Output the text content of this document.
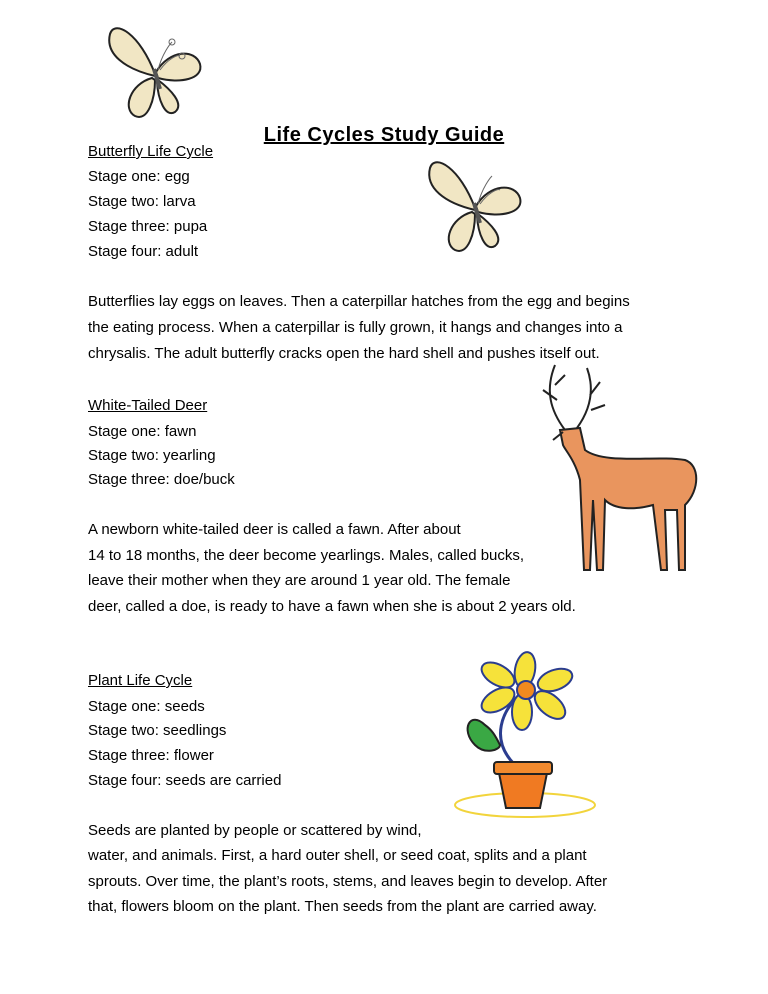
Life Cycles Study Guide
Butterfly Life Cycle
Stage one: egg
Stage two: larva
Stage three: pupa
Stage four: adult
Butterflies lay eggs on leaves. Then a caterpillar hatches from the egg and begins
the eating process. When a caterpillar is fully grown, it hangs and changes into a
chrysalis. The adult butterfly cracks open the hard shell and pushes itself out.
White-Tailed Deer
Stage one: fawn
Stage two: yearling
Stage three: doe/buck
A newborn white-tailed deer is called a fawn. After about
14 to 18 months, the deer become yearlings. Males, called bucks,
leave their mother when they are around 1 year old. The female
deer, called a doe, is ready to have a fawn when she is about 2 years old.
Plant Life Cycle
Stage one: seeds
Stage two: seedlings
Stage three: flower
Stage four: seeds are carried
Seeds are planted by people or scattered by wind,
water, and animals. First, a hard outer shell, or seed coat, splits and a plant
sprouts. Over time, the plant’s roots, stems, and leaves begin to develop. After
that, flowers bloom on the plant. Then seeds from the plant are carried away.
